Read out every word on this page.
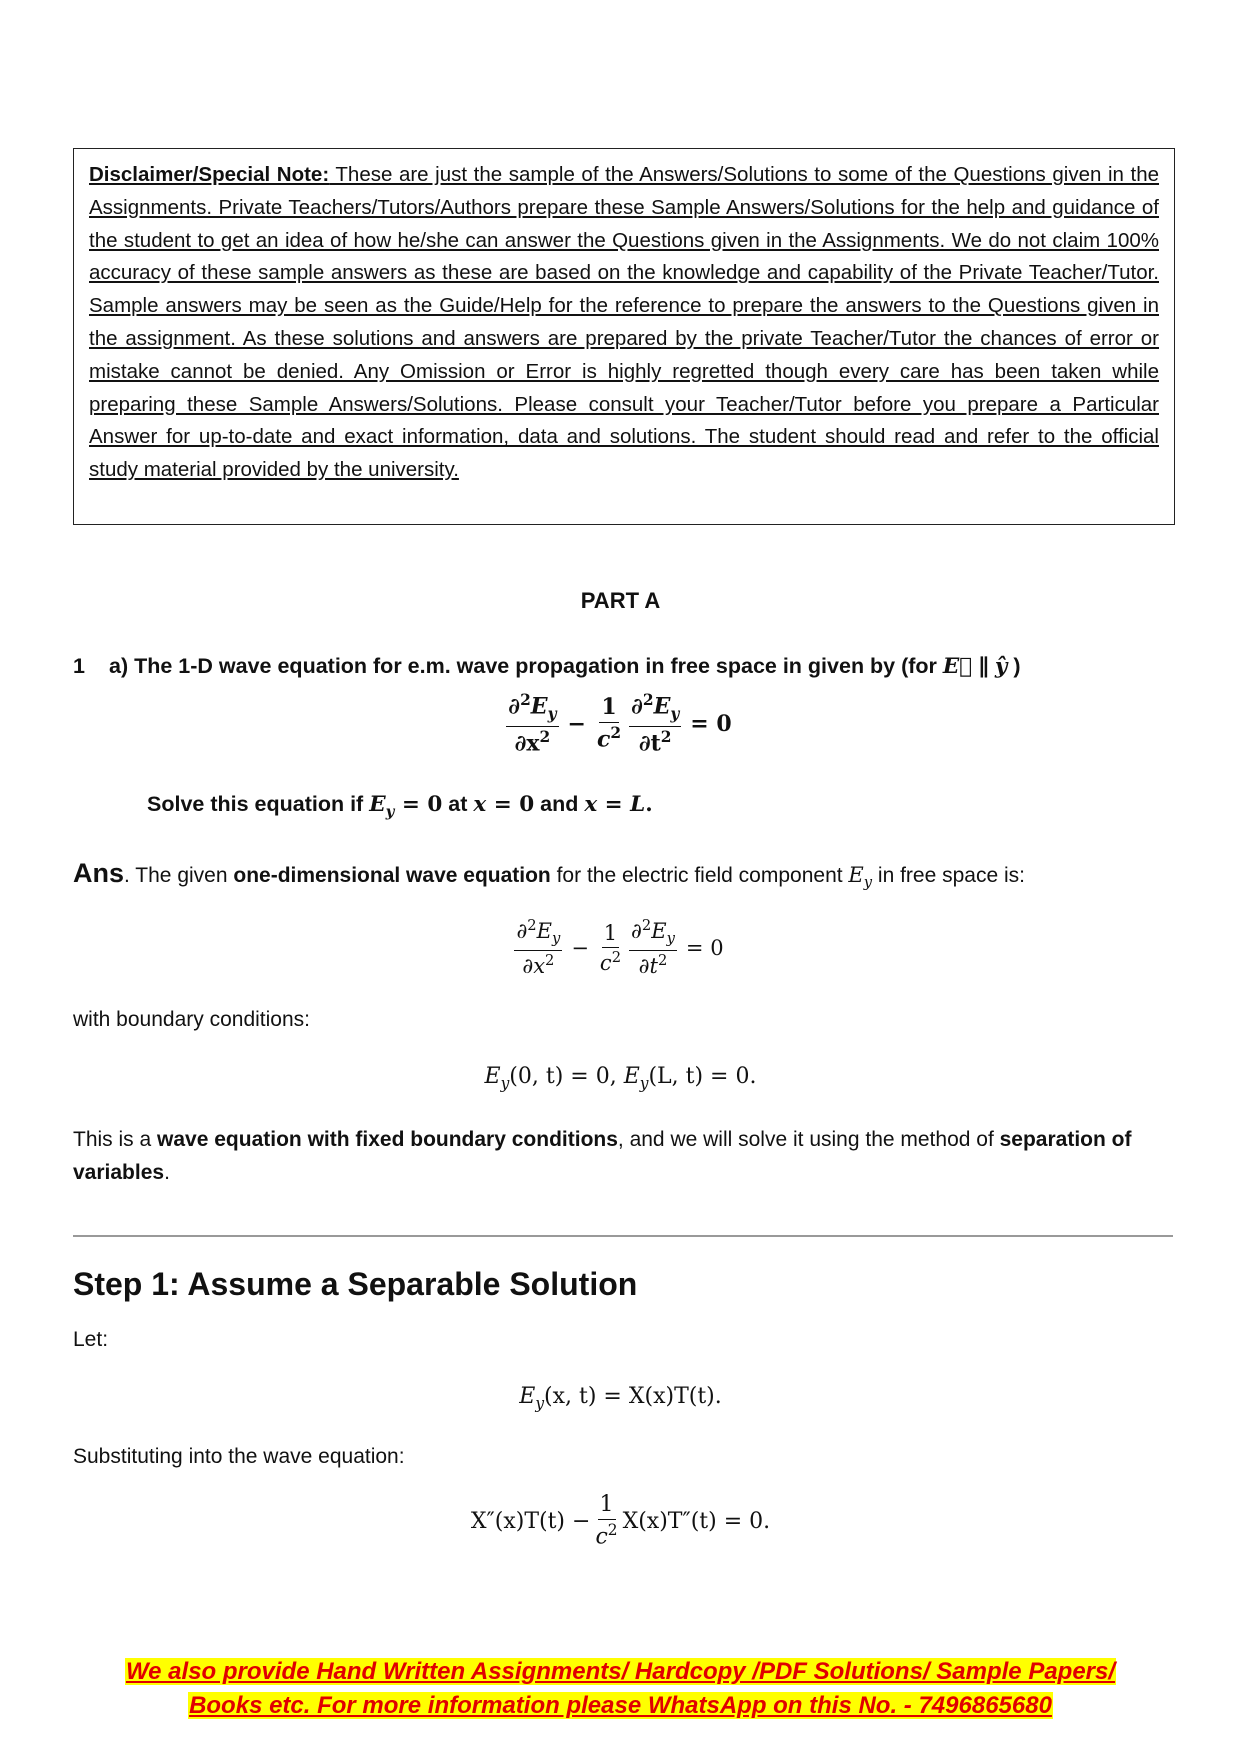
Disclaimer/Special Note: These are just the sample of the Answers/Solutions to some of the Questions given in the Assignments. Private Teachers/Tutors/Authors prepare these Sample Answers/Solutions for the help and guidance of the student to get an idea of how he/she can answer the Questions given in the Assignments. We do not claim 100% accuracy of these sample answers as these are based on the knowledge and capability of the Private Teacher/Tutor. Sample answers may be seen as the Guide/Help for the reference to prepare the answers to the Questions given in the assignment. As these solutions and answers are prepared by the private Teacher/Tutor the chances of error or mistake cannot be denied. Any Omission or Error is highly regretted though every care has been taken while preparing these Sample Answers/Solutions. Please consult your Teacher/Tutor before you prepare a Particular Answer for up-to-date and exact information, data and solutions. The student should read and refer to the official study material provided by the university.
PART A
1 a) The 1-D wave equation for e.m. wave propagation in free space in given by (for E⃗ ∥ ŷ )
$\frac{\partial^2E_y}{\partial x^2} - \frac{1}{c^2} \frac{\partial^2E_y}{\partial t^2} = 0$
Solve this equation if $E_y = 0$ at x = 0 and x = L.
Ans. The given one-dimensional wave equation for the electric field component $E_y$ in free space is:
$\frac{\partial^2E_y}{\partial x^2} - \frac{1}{c^2} \frac{\partial^2E_y}{\partial t^2} = 0$
with boundary conditions:
$E_y(0$, t) = 0, $E_y(L$, t) = 0.
This is a wave equation with fixed boundary conditions, and we will solve it using the method of separation of variables.
Step 1: Assume a Separable Solution
Let:
$E_y(x$, t) = X(x)T(t).
Substituting into the wave equation:
$X''(x)T(t) - \frac{1}{c^2} X(x)T''(t) = 0$.
We also provide Hand Written Assignments/ Hardcopy /PDF Solutions/ Sample Papers/
Books etc. For more information please WhatsApp on this No. - 7496865680
